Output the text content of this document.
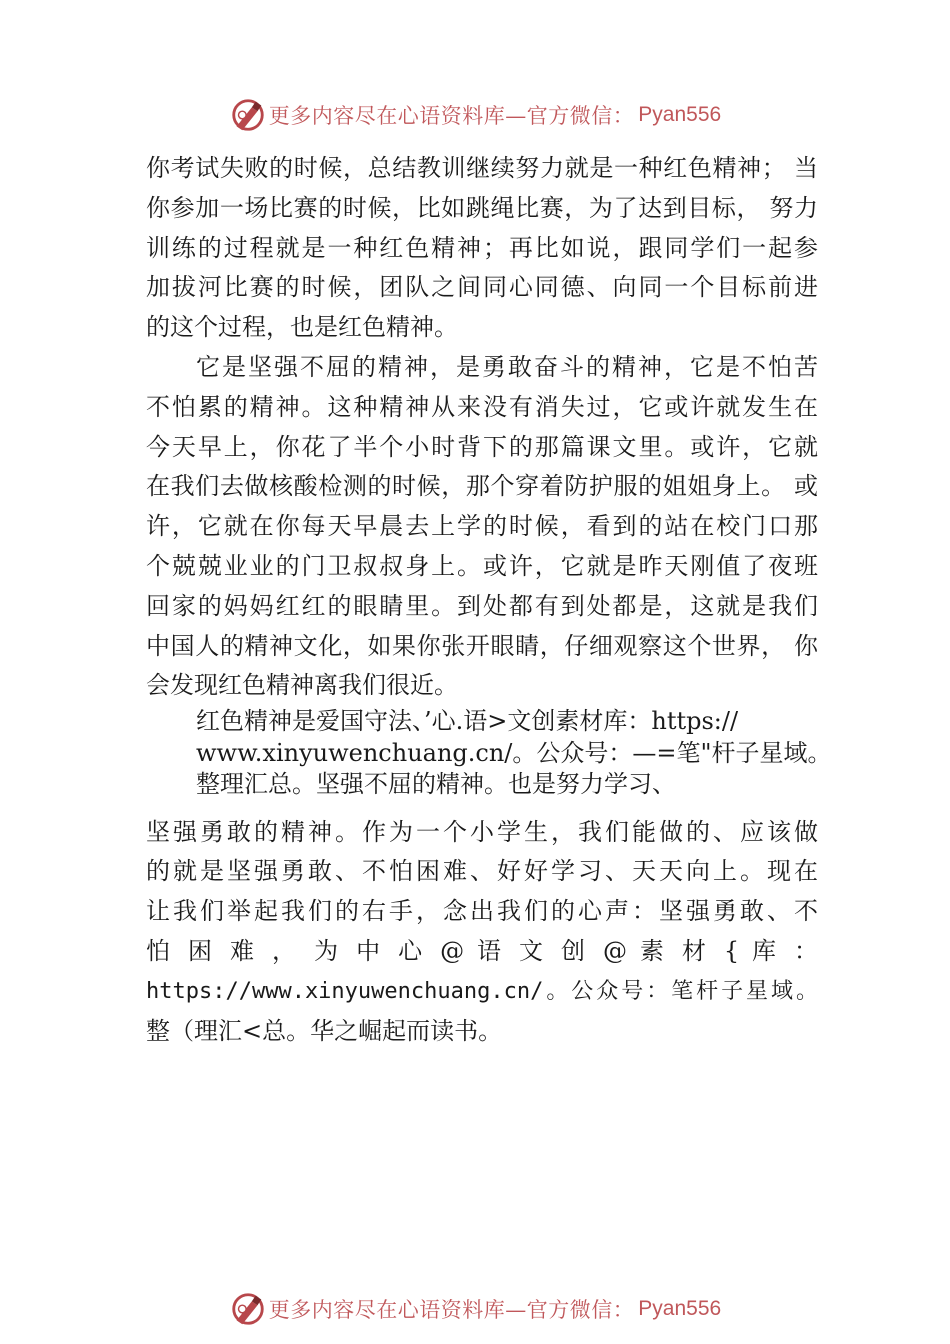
更多内容尽在心语资料库—官方微信： Pyan556
你考试失败的时候，总结教训继续努力就是一种红色精神； 当
你参加一场比赛的时候，比如跳绳比赛，为了达到目标， 努力
训练的过程就是一种红色精神；再比如说，跟同学们一起参
加拔河比赛的时候，团队之间同心同德、向同一个目标前进
的这个过程，也是红色精神。
它是坚强不屈的精神，是勇敢奋斗的精神，它是不怕苦
不怕累的精神。这种精神从来没有消失过，它或许就发生在
今天早上，你花了半个小时背下的那篇课文里。或许，它就
在我们去做核酸检测的时候，那个穿着防护服的姐姐身上。 或
许，它就在你每天早晨去上学的时候，看到的站在校门口那
个兢兢业业的门卫叔叔身上。或许，它就是昨天刚值了夜班
回家的妈妈红红的眼睛里。到处都有到处都是，这就是我们
中国人的精神文化，如果你张开眼睛，仔细观察这个世界， 你
会发现红色精神离我们很近。
红色精神是爱国守法、’心.语>文创素材库：https://
www.xinyuwenchuang.cn/。公众号：—=笔"杆子星域。
整理汇总。坚强不屈的精神。也是努力学习、
坚强勇敢的精神。作为一个小学生，我们能做的、应该做
的就是坚强勇敢、不怕困难、好好学习、天天向上。现在
让我们举起我们的右手，念出我们的心声：坚强勇敢、不
怕 困 难 ， 为 中 心 @ 语 文 创 @ 素 材 { 库 ：
https://www.xinyuwenchuang.cn/。公众号：笔杆子星域。
整（理汇<总。华之崛起而读书。
更多内容尽在心语资料库—官方微信： Pyan556
